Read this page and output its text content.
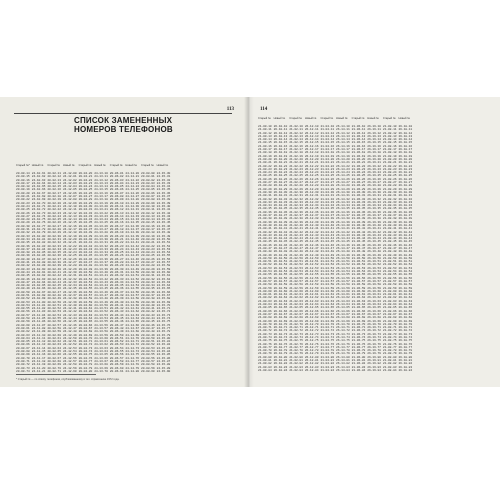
113
СПИСОК ЗАМЕНЕННЫХ
НОМЕРОВ ТЕЛЕФОНОВ
Старый №*
20-00-14
20-00-15
20-00-16
20-00-17
20-00-18
20-00-19
20-00-20
20-00-21
20-00-22
20-00-23
20-00-24
20-00-25
20-00-26
20-00-27
20-00-28
20-00-29
20-00-30
20-00-31
20-00-32
20-00-33
20-00-34
20-00-35
20-00-36
20-00-37
20-00-38
20-00-39
20-00-40
20-00-41
20-00-42
20-00-43
20-00-44
20-00-45
20-00-46
20-00-47
20-00-48
20-00-49
20-00-50
20-00-51
20-00-52
20-00-53
20-00-54
20-00-55
20-00-56
20-00-57
20-00-58
20-00-59
20-00-60
20-00-61
20-00-62
20-00-63
20-00-64
20-00-65
20-00-66
20-00-67
20-00-68
20-00-69
20-00-70
20-00-71
20-00-72
20-00-73
20-00-74
Новый №
24-10-61
24-10-62
24-10-63
24-10-64
24-10-65
24-10-66
24-10-67
24-10-68
24-10-69
24-10-70
24-10-71
24-10-72
24-10-73
24-10-74
24-10-75
24-10-76
24-10-77
24-10-78
24-10-79
24-10-80
24-10-81
24-10-82
24-10-83
24-10-84
24-10-85
24-10-86
24-10-87
24-10-88
24-10-89
24-10-90
24-10-91
24-10-92
24-10-93
24-10-94
24-10-95
24-10-96
24-10-97
24-10-98
24-10-99
24-11-00
24-11-01
24-11-02
24-11-03
24-11-04
24-11-05
24-11-06
24-11-07
24-11-08
24-11-09
24-11-10
24-11-11
24-11-12
24-11-13
24-11-14
24-11-15
24-11-16
24-11-17
24-11-18
24-11-19
24-11-20
24-11-21
Старый №
20-02-11
20-02-12
20-02-13
20-02-14
20-02-15
20-02-16
20-02-17
20-02-18
20-02-19
20-02-20
20-02-21
20-02-22
20-02-23
20-02-24
20-02-25
20-02-26
20-02-27
20-02-28
20-02-29
20-02-30
20-02-31
20-02-32
20-02-33
20-02-34
20-02-35
20-02-36
20-02-37
20-02-38
20-02-39
20-02-40
20-02-41
20-02-42
20-02-43
20-02-44
20-02-45
20-02-46
20-02-47
20-02-48
20-02-49
20-02-50
20-02-51
20-02-52
20-02-53
20-02-54
20-02-55
20-02-56
20-02-57
20-02-58
20-02-59
20-02-60
20-02-61
20-02-62
20-02-63
20-02-64
20-02-65
20-02-66
20-02-67
20-02-68
20-02-69
20-02-70
20-02-71
Новый №
24-12-00
24-12-01
24-12-02
24-12-03
24-12-04
24-12-05
24-12-06
24-12-07
24-12-08
24-12-09
24-12-10
24-12-11
24-12-12
24-12-13
24-12-14
24-12-15
24-12-16
24-12-17
24-12-18
24-12-19
24-12-20
24-12-21
24-12-22
24-12-23
24-12-24
24-12-25
24-12-26
24-12-27
24-12-28
24-12-29
24-12-30
24-12-31
24-12-32
24-12-33
24-12-34
24-12-35
24-12-36
24-12-37
24-12-38
24-12-39
24-12-40
24-12-41
24-12-42
24-12-43
24-12-44
24-12-45
24-12-46
24-12-47
24-12-48
24-12-49
24-12-50
24-12-51
24-12-52
24-12-53
24-12-54
24-12-55
24-12-56
24-12-57
24-12-58
24-12-59
24-12-60
Старый №
20-04-20
20-04-21
20-04-22
20-04-23
20-04-24
20-04-25
20-04-26
20-04-27
20-04-28
20-04-29
20-04-30
20-04-31
20-04-32
20-04-33
20-04-34
20-04-35
20-04-36
20-04-37
20-04-38
20-04-39
20-04-40
20-04-41
20-04-42
20-04-43
20-04-44
20-04-45
20-04-46
20-04-47
20-04-48
20-04-49
20-04-50
20-04-51
20-04-52
20-04-53
20-04-54
20-04-55
20-04-56
20-04-57
20-04-58
20-04-59
20-04-60
20-04-61
20-04-62
20-04-63
20-04-64
20-04-65
20-04-66
20-04-67
20-04-68
20-04-69
20-04-70
20-04-71
20-04-72
20-04-73
20-04-74
20-04-75
20-04-76
20-04-77
20-04-78
20-04-79
20-04-80
Новый №
24-13-10
24-13-11
24-13-12
24-13-13
24-13-14
24-13-15
24-13-16
24-13-17
24-13-18
24-13-19
24-13-20
24-13-21
24-13-22
24-13-23
24-13-24
24-13-25
24-13-26
24-13-27
24-13-28
24-13-29
24-13-30
24-13-31
24-13-32
24-13-33
24-13-34
24-13-35
24-13-36
24-13-37
24-13-38
24-13-39
24-13-40
24-13-41
24-13-42
24-13-43
24-13-44
24-13-45
24-13-46
24-13-47
24-13-48
24-13-49
24-13-50
24-13-51
24-13-52
24-13-53
24-13-54
24-13-55
24-13-56
24-13-57
24-13-58
24-13-59
24-13-60
24-13-61
24-13-62
24-13-63
24-13-64
24-13-65
24-13-66
24-13-67
24-13-68
24-13-69
24-13-70
Старый №
20-06-01
20-06-02
20-06-03
20-06-04
20-06-05
20-06-06
20-06-07
20-06-08
20-06-09
20-06-10
20-06-11
20-06-12
20-06-13
20-06-14
20-06-15
20-06-16
20-06-17
20-06-18
20-06-19
20-06-20
20-06-21
20-06-22
20-06-23
20-06-24
20-06-25
20-06-26
20-06-27
20-06-28
20-06-29
20-06-30
20-06-31
20-06-32
20-06-33
20-06-34
20-06-35
20-06-36
20-06-37
20-06-38
20-06-39
20-06-40
20-06-41
20-06-42
20-06-43
20-06-44
20-06-45
20-06-46
20-06-47
20-06-48
20-06-49
20-06-50
20-06-51
20-06-52
20-06-53
20-06-54
20-06-55
20-06-56
20-06-57
20-06-58
20-06-59
20-06-60
20-06-61
Новый №
24-14-20
24-14-21
24-14-22
24-14-23
24-14-24
24-14-25
24-14-26
24-14-27
24-14-28
24-14-29
24-14-30
24-14-31
24-14-32
24-14-33
24-14-34
24-14-35
24-14-36
24-14-37
24-14-38
24-14-39
24-14-40
24-14-41
24-14-42
24-14-43
24-14-44
24-14-45
24-14-46
24-14-47
24-14-48
24-14-49
24-14-50
24-14-51
24-14-52
24-14-53
24-14-54
24-14-55
24-14-56
24-14-57
24-14-58
24-14-59
24-14-60
24-14-61
24-14-62
24-14-63
24-14-64
24-14-65
24-14-66
24-14-67
24-14-68
24-14-69
24-14-70
24-14-71
24-14-72
24-14-73
24-14-74
24-14-75
24-14-76
24-14-77
24-14-78
24-14-79
24-14-80
Старый №
20-08-00
20-08-01
20-08-02
20-08-03
20-08-04
20-08-05
20-08-06
20-08-07
20-08-08
20-08-09
20-08-10
20-08-11
20-08-12
20-08-13
20-08-14
20-08-15
20-08-16
20-08-17
20-08-18
20-08-19
20-08-20
20-08-21
20-08-22
20-08-23
20-08-24
20-08-25
20-08-26
20-08-27
20-08-28
20-08-29
20-08-30
20-08-31
20-08-32
20-08-33
20-08-34
20-08-35
20-08-36
20-08-37
20-08-38
20-08-39
20-08-40
20-08-41
20-08-42
20-08-43
20-08-44
20-08-45
20-08-46
20-08-47
20-08-48
20-08-49
20-08-50
20-08-51
20-08-52
20-08-53
20-08-54
20-08-55
20-08-56
20-08-57
20-08-58
20-08-59
20-08-60
Новый №
24-15-30
24-15-31
24-15-32
24-15-33
24-15-34
24-15-35
24-15-36
24-15-37
24-15-38
24-15-39
24-15-40
24-15-41
24-15-42
24-15-43
24-15-44
24-15-45
24-15-46
24-15-47
24-15-48
24-15-49
24-15-50
24-15-51
24-15-52
24-15-53
24-15-54
24-15-55
24-15-56
24-15-57
24-15-58
24-15-59
24-15-60
24-15-61
24-15-62
24-15-63
24-15-64
24-15-65
24-15-66
24-15-67
24-15-68
24-15-69
24-15-70
24-15-71
24-15-72
24-15-73
24-15-74
24-15-75
24-15-76
24-15-77
24-15-78
24-15-79
24-15-80
24-15-81
24-15-82
24-15-83
24-15-84
24-15-85
24-15-86
24-15-87
24-15-88
24-15-89
24-15-90
* Старый № — по списку телефонов, опубликованному в тел. справочнике 1972 года.
114
Старый №
21-00-10
21-00-11
21-00-12
21-00-13
21-00-14
21-00-15
21-00-16
21-00-17
21-00-18
21-00-19
21-00-20
21-00-21
21-00-22
21-00-23
21-00-24
21-00-25
21-00-26
21-00-27
21-00-28
21-00-29
21-00-30
21-00-31
21-00-32
21-00-33
21-00-34
21-00-35
21-00-36
21-00-37
21-00-38
21-00-39
21-00-40
21-00-41
21-00-42
21-00-43
21-00-44
21-00-45
21-00-46
21-00-47
21-00-48
21-00-49
21-00-50
21-00-51
21-00-52
21-00-53
21-00-54
21-00-55
21-00-56
21-00-57
21-00-58
21-00-59
21-00-60
21-00-61
21-00-62
21-00-63
21-00-64
21-00-65
21-00-66
21-00-67
21-00-68
21-00-69
21-00-70
21-00-71
21-00-72
21-00-73
21-00-74
21-00-75
21-00-76
21-00-77
21-00-78
21-00-79
21-00-80
21-00-81
21-00-82
21-00-83
21-00-84
Новый №
26-10-10
26-10-11
26-10-12
26-10-13
26-10-14
26-10-15
26-10-16
26-10-17
26-10-18
26-10-19
26-10-20
26-10-21
26-10-22
26-10-23
26-10-24
26-10-25
26-10-26
26-10-27
26-10-28
26-10-29
26-10-30
26-10-31
26-10-32
26-10-33
26-10-34
26-10-35
26-10-36
26-10-37
26-10-38
26-10-39
26-10-40
26-10-41
26-10-42
26-10-43
26-10-44
26-10-45
26-10-46
26-10-47
26-10-48
26-10-49
26-10-50
26-10-51
26-10-52
26-10-53
26-10-54
26-10-55
26-10-56
26-10-57
26-10-58
26-10-59
26-10-60
26-10-61
26-10-62
26-10-63
26-10-64
26-10-65
26-10-66
26-10-67
26-10-68
26-10-69
26-10-70
26-10-71
26-10-72
26-10-73
26-10-74
26-10-75
26-10-76
26-10-77
26-10-78
26-10-79
26-10-80
26-10-81
26-10-82
26-10-83
26-10-84
Старый №
21-02-10
21-02-11
21-02-12
21-02-13
21-02-14
21-02-15
21-02-16
21-02-17
21-02-18
21-02-19
21-02-20
21-02-21
21-02-22
21-02-23
21-02-24
21-02-25
21-02-26
21-02-27
21-02-28
21-02-29
21-02-30
21-02-31
21-02-32
21-02-33
21-02-34
21-02-35
21-02-36
21-02-37
21-02-38
21-02-39
21-02-40
21-02-41
21-02-42
21-02-43
21-02-44
21-02-45
21-02-46
21-02-47
21-02-48
21-02-49
21-02-50
21-02-51
21-02-52
21-02-53
21-02-54
21-02-55
21-02-56
21-02-57
21-02-58
21-02-59
21-02-60
21-02-61
21-02-62
21-02-63
21-02-64
21-02-65
21-02-66
21-02-67
21-02-68
21-02-69
21-02-70
21-02-71
21-02-72
21-02-73
21-02-74
21-02-75
21-02-76
21-02-77
21-02-78
21-02-79
21-02-80
21-02-81
21-02-82
21-02-83
21-02-84
Новый №
26-12-10
26-12-11
26-12-12
26-12-13
26-12-14
26-12-15
26-12-16
26-12-17
26-12-18
26-12-19
26-12-20
26-12-21
26-12-22
26-12-23
26-12-24
26-12-25
26-12-26
26-12-27
26-12-28
26-12-29
26-12-30
26-12-31
26-12-32
26-12-33
26-12-34
26-12-35
26-12-36
26-12-37
26-12-38
26-12-39
26-12-40
26-12-41
26-12-42
26-12-43
26-12-44
26-12-45
26-12-46
26-12-47
26-12-48
26-12-49
26-12-50
26-12-51
26-12-52
26-12-53
26-12-54
26-12-55
26-12-56
26-12-57
26-12-58
26-12-59
26-12-60
26-12-61
26-12-62
26-12-63
26-12-64
26-12-65
26-12-66
26-12-67
26-12-68
26-12-69
26-12-70
26-12-71
26-12-72
26-12-73
26-12-74
26-12-75
26-12-76
26-12-77
26-12-78
26-12-79
26-12-80
26-12-81
26-12-82
26-12-83
26-12-84
Старый №
21-04-10
21-04-11
21-04-12
21-04-13
21-04-14
21-04-15
21-04-16
21-04-17
21-04-18
21-04-19
21-04-20
21-04-21
21-04-22
21-04-23
21-04-24
21-04-25
21-04-26
21-04-27
21-04-28
21-04-29
21-04-30
21-04-31
21-04-32
21-04-33
21-04-34
21-04-35
21-04-36
21-04-37
21-04-38
21-04-39
21-04-40
21-04-41
21-04-42
21-04-43
21-04-44
21-04-45
21-04-46
21-04-47
21-04-48
21-04-49
21-04-50
21-04-51
21-04-52
21-04-53
21-04-54
21-04-55
21-04-56
21-04-57
21-04-58
21-04-59
21-04-60
21-04-61
21-04-62
21-04-63
21-04-64
21-04-65
21-04-66
21-04-67
21-04-68
21-04-69
21-04-70
21-04-71
21-04-72
21-04-73
21-04-74
21-04-75
21-04-76
21-04-77
21-04-78
21-04-79
21-04-80
21-04-81
21-04-82
21-04-83
21-04-84
Новый №
26-14-10
26-14-11
26-14-12
26-14-13
26-14-14
26-14-15
26-14-16
26-14-17
26-14-18
26-14-19
26-14-20
26-14-21
26-14-22
26-14-23
26-14-24
26-14-25
26-14-26
26-14-27
26-14-28
26-14-29
26-14-30
26-14-31
26-14-32
26-14-33
26-14-34
26-14-35
26-14-36
26-14-37
26-14-38
26-14-39
26-14-40
26-14-41
26-14-42
26-14-43
26-14-44
26-14-45
26-14-46
26-14-47
26-14-48
26-14-49
26-14-50
26-14-51
26-14-52
26-14-53
26-14-54
26-14-55
26-14-56
26-14-57
26-14-58
26-14-59
26-14-60
26-14-61
26-14-62
26-14-63
26-14-64
26-14-65
26-14-66
26-14-67
26-14-68
26-14-69
26-14-70
26-14-71
26-14-72
26-14-73
26-14-74
26-14-75
26-14-76
26-14-77
26-14-78
26-14-79
26-14-80
26-14-81
26-14-82
26-14-83
26-14-84
Старый №
21-06-10
21-06-11
21-06-12
21-06-13
21-06-14
21-06-15
21-06-16
21-06-17
21-06-18
21-06-19
21-06-20
21-06-21
21-06-22
21-06-23
21-06-24
21-06-25
21-06-26
21-06-27
21-06-28
21-06-29
21-06-30
21-06-31
21-06-32
21-06-33
21-06-34
21-06-35
21-06-36
21-06-37
21-06-38
21-06-39
21-06-40
21-06-41
21-06-42
21-06-43
21-06-44
21-06-45
21-06-46
21-06-47
21-06-48
21-06-49
21-06-50
21-06-51
21-06-52
21-06-53
21-06-54
21-06-55
21-06-56
21-06-57
21-06-58
21-06-59
21-06-60
21-06-61
21-06-62
21-06-63
21-06-64
21-06-65
21-06-66
21-06-67
21-06-68
21-06-69
21-06-70
21-06-71
21-06-72
21-06-73
21-06-74
21-06-75
21-06-76
21-06-77
21-06-78
21-06-79
21-06-80
21-06-81
21-06-82
21-06-83
21-06-84
Новый №
26-16-10
26-16-11
26-16-12
26-16-13
26-16-14
26-16-15
26-16-16
26-16-17
26-16-18
26-16-19
26-16-20
26-16-21
26-16-22
26-16-23
26-16-24
26-16-25
26-16-26
26-16-27
26-16-28
26-16-29
26-16-30
26-16-31
26-16-32
26-16-33
26-16-34
26-16-35
26-16-36
26-16-37
26-16-38
26-16-39
26-16-40
26-16-41
26-16-42
26-16-43
26-16-44
26-16-45
26-16-46
26-16-47
26-16-48
26-16-49
26-16-50
26-16-51
26-16-52
26-16-53
26-16-54
26-16-55
26-16-56
26-16-57
26-16-58
26-16-59
26-16-60
26-16-61
26-16-62
26-16-63
26-16-64
26-16-65
26-16-66
26-16-67
26-16-68
26-16-69
26-16-70
26-16-71
26-16-72
26-16-73
26-16-74
26-16-75
26-16-76
26-16-77
26-16-78
26-16-79
26-16-80
26-16-81
26-16-82
26-16-83
26-16-84
Старый №
21-08-10
21-08-11
21-08-12
21-08-13
21-08-14
21-08-15
21-08-16
21-08-17
21-08-18
21-08-19
21-08-20
21-08-21
21-08-22
21-08-23
21-08-24
21-08-25
21-08-26
21-08-27
21-08-28
21-08-29
21-08-30
21-08-31
21-08-32
21-08-33
21-08-34
21-08-35
21-08-36
21-08-37
21-08-38
21-08-39
21-08-40
21-08-41
21-08-42
21-08-43
21-08-44
21-08-45
21-08-46
21-08-47
21-08-48
21-08-49
21-08-50
21-08-51
21-08-52
21-08-53
21-08-54
21-08-55
21-08-56
21-08-57
21-08-58
21-08-59
21-08-60
21-08-61
21-08-62
21-08-63
21-08-64
21-08-65
21-08-66
21-08-67
21-08-68
21-08-69
21-08-70
21-08-71
21-08-72
21-08-73
21-08-74
21-08-75
21-08-76
21-08-77
21-08-78
21-08-79
21-08-80
21-08-81
21-08-82
21-08-83
21-08-84
Новый №
26-18-10
26-18-11
26-18-12
26-18-13
26-18-14
26-18-15
26-18-16
26-18-17
26-18-18
26-18-19
26-18-20
26-18-21
26-18-22
26-18-23
26-18-24
26-18-25
26-18-26
26-18-27
26-18-28
26-18-29
26-18-30
26-18-31
26-18-32
26-18-33
26-18-34
26-18-35
26-18-36
26-18-37
26-18-38
26-18-39
26-18-40
26-18-41
26-18-42
26-18-43
26-18-44
26-18-45
26-18-46
26-18-47
26-18-48
26-18-49
26-18-50
26-18-51
26-18-52
26-18-53
26-18-54
26-18-55
26-18-56
26-18-57
26-18-58
26-18-59
26-18-60
26-18-61
26-18-62
26-18-63
26-18-64
26-18-65
26-18-66
26-18-67
26-18-68
26-18-69
26-18-70
26-18-71
26-18-72
26-18-73
26-18-74
26-18-75
26-18-76
26-18-77
26-18-78
26-18-79
26-18-80
26-18-81
26-18-82
26-18-83
26-18-84
